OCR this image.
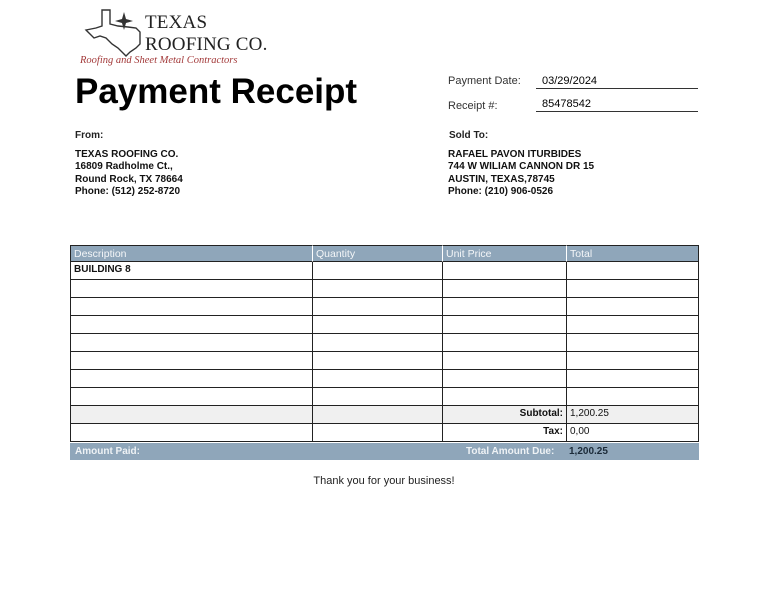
TEXAS
ROOFING CO.
Roofing and Sheet Metal Contractors
Payment Receipt	Payment Date:	03/29/2024
Receipt #:	85478542
From:
TEXAS ROOFING CO.
16809 Radholme Ct.,
Round Rock, TX 78664
Phone: (512) 252-8720
Sold To:
RAFAEL PAVON ITURBIDES
744 W WILIAM CANNON DR 15
AUSTIN, TEXAS,78745
Phone: (210) 906-0526
Description	Quantity	Unit Price	Total
BUILDING 8
Subtotal: 1,200.25
Tax: 0,00
Amount Paid:	Total Amount Due: 1,200.25
Thank you for your business!
